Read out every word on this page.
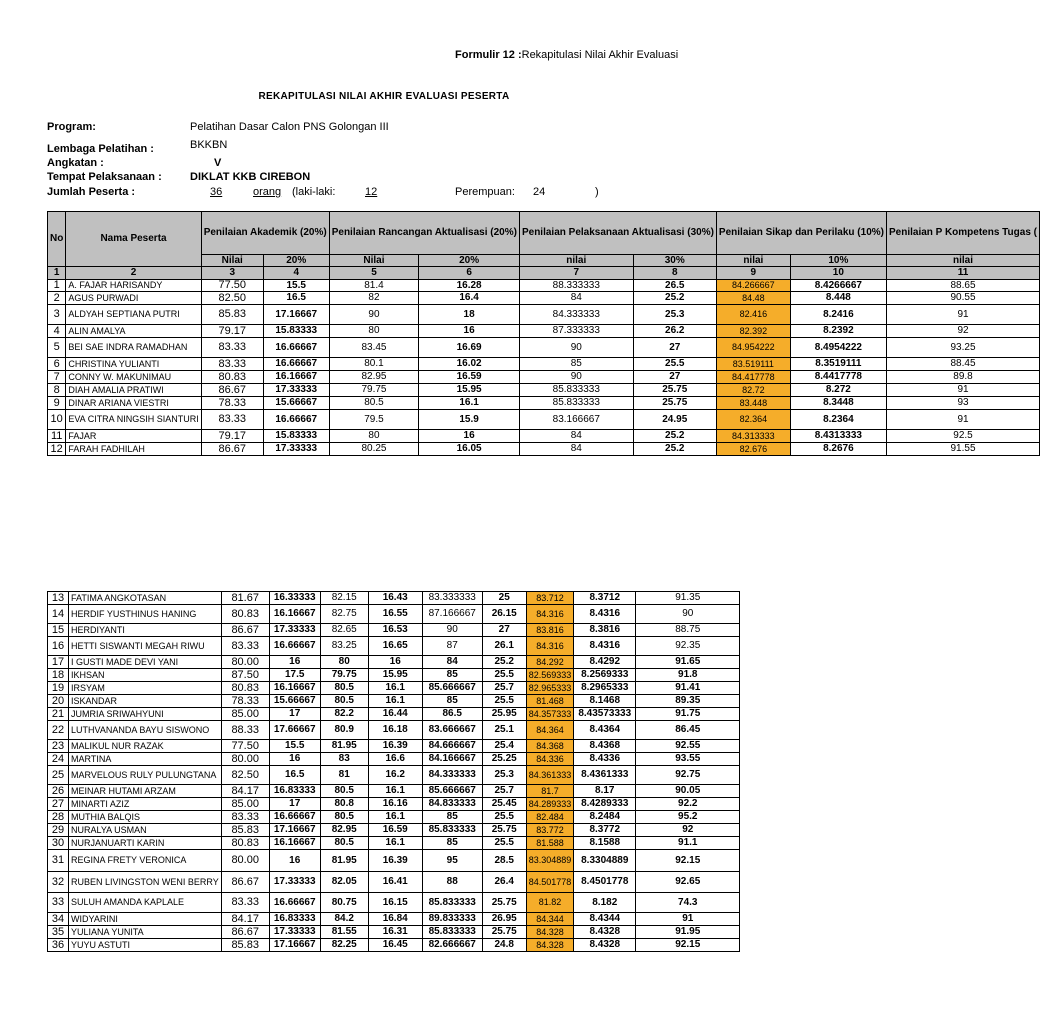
Formulir 12 :Rekapitulasi Nilai Akhir Evaluasi
REKAPITULASI NILAI AKHIR EVALUASI PESERTA
Program:	Pelatihan Dasar Calon PNS Golongan III
Lembaga Pelatihan :	BKKBN
Angkatan :	V
Tempat Pelaksanaan :	DIKLAT KKB CIREBON
Jumlah Peserta :	36	orang (laki-laki:	12	Perempuan: 24	)
No	Nama Peserta	Penilaian Akademik (20%)		Penilaian Rancangan Aktualisasi (20%)		Penilaian Pelaksanaan Aktualisasi (30%)		Penilaian Sikap dan Perilaku (10%)		Penilaian P Kompetens Tugas (
		Nilai	20%	Nilai	20%	nilai	30%	nilai	10%	nilai
1	2	3	4	5	6	7	8	9	10	11
1	A. FAJAR HARISANDY	77.50	15.5	81.4	16.28	88.333333	26.5	84.266667	8.4266667	88.65
2	AGUS PURWADI	82.50	16.5	82	16.4	84	25.2	84.48	8.448	90.55
3	ALDYAH SEPTIANA PUTRI	85.83	17.16667	90	18	84.333333	25.3	82.416	8.2416	91
4	ALIN AMALYA	79.17	15.83333	80	16	87.333333	26.2	82.392	8.2392	92
5	BEI SAE INDRA RAMADHAN	83.33	16.66667	83.45	16.69	90	27	84.954222	8.4954222	93.25
6	CHRISTINA YULIANTI	83.33	16.66667	80.1	16.02	85	25.5	83.519111	8.3519111	88.45
7	CONNY W. MAKUNIMAU	80.83	16.16667	82.95	16.59	90	27	84.417778	8.4417778	89.8
8	DIAH AMALIA PRATIWI	86.67	17.33333	79.75	15.95	85.833333	25.75	82.72	8.272	91
9	DINAR ARIANA VIESTRI	78.33	15.66667	80.5	16.1	85.833333	25.75	83.448	8.3448	93
10	EVA CITRA NINGSIH SIANTURI	83.33	16.66667	79.5	15.9	83.166667	24.95	82.364	8.2364	91
11	FAJAR	79.17	15.83333	80	16	84	25.2	84.313333	8.4313333	92.5
12	FARAH FADHILAH	86.67	17.33333	80.25	16.05	84	25.2	82.676	8.2676	91.55
13	FATIMA ANGKOTASAN	81.67	16.33333	82.15	16.43	83.333333	25	83.712	8.3712	91.35
14	HERDIF YUSTHINUS HANING	80.83	16.16667	82.75	16.55	87.166667	26.15	84.316	8.4316	90
15	HERDIYANTI	86.67	17.33333	82.65	16.53	90	27	83.816	8.3816	88.75
16	HETTI SISWANTI MEGAH RIWU	83.33	16.66667	83.25	16.65	87	26.1	84.316	8.4316	92.35
17	I GUSTI MADE DEVI YANI	80.00	16	80	16	84	25.2	84.292	8.4292	91.65
18	IKHSAN	87.50	17.5	79.75	15.95	85	25.5	82.569333	8.2569333	91.8
19	IRSYAM	80.83	16.16667	80.5	16.1	85.666667	25.7	82.965333	8.2965333	91.41
20	ISKANDAR	78.33	15.66667	80.5	16.1	85	25.5	81.468	8.1468	89.35
21	JUMRIA SRIWAHYUNI	85.00	17	82.2	16.44	86.5	25.95	84.357333	8.43573333	91.75
22	LUTHVANANDA BAYU SISWONO	88.33	17.66667	80.9	16.18	83.666667	25.1	84.364	8.4364	86.45
23	MALIKUL NUR RAZAK	77.50	15.5	81.95	16.39	84.666667	25.4	84.368	8.4368	92.55
24	MARTINA	80.00	16	83	16.6	84.166667	25.25	84.336	8.4336	93.55
25	MARVELOUS RULY PULUNGTANA	82.50	16.5	81	16.2	84.333333	25.3	84.361333	8.4361333	92.75
26	MEINAR HUTAMI ARZAM	84.17	16.83333	80.5	16.1	85.666667	25.7	81.7	8.17	90.05
27	MINARTI AZIZ	85.00	17	80.8	16.16	84.833333	25.45	84.289333	8.4289333	92.2
28	MUTHIA BALQIS	83.33	16.66667	80.5	16.1	85	25.5	82.484	8.2484	95.2
29	NURALYA USMAN	85.83	17.16667	82.95	16.59	85.833333	25.75	83.772	8.3772	92
30	NURJANUARTI KARIN	80.83	16.16667	80.5	16.1	85	25.5	81.588	8.1588	91.1
31	REGINA FRETY VERONICA	80.00	16	81.95	16.39	95	28.5	83.304889	8.3304889	92.15
32	RUBEN LIVINGSTON WENI BERRY	86.67	17.33333	82.05	16.41	88	26.4	84.501778	8.4501778	92.65
33	SULUH AMANDA KAPLALE	83.33	16.66667	80.75	16.15	85.833333	25.75	81.82	8.182	74.3
34	WIDYARINI	84.17	16.83333	84.2	16.84	89.833333	26.95	84.344	8.4344	91
35	YULIANA YUNITA	86.67	17.33333	81.55	16.31	85.833333	25.75	84.328	8.4328	91.95
36	YUYU ASTUTI	85.83	17.16667	82.25	16.45	82.666667	24.8	84.328	8.4328	92.15
